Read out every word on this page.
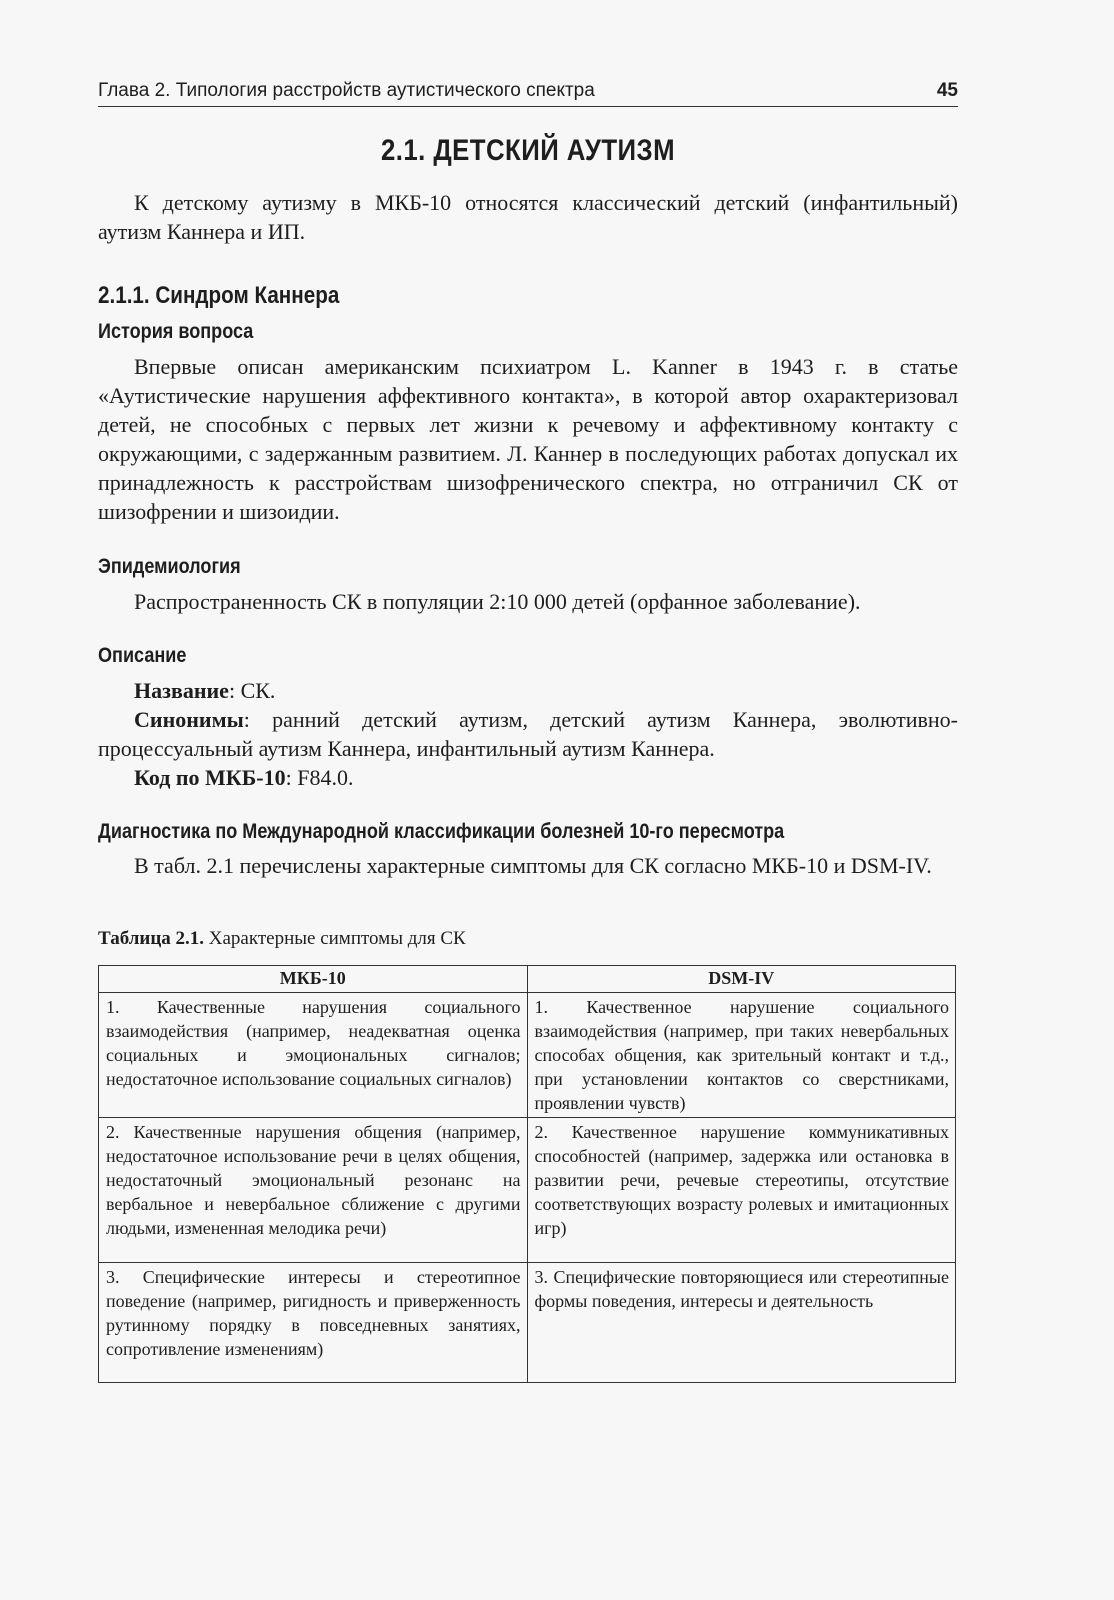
Глава 2. Типология расстройств аутистического спектра	45
2.1. ДЕТСКИЙ АУТИЗМ
К детскому аутизму в МКБ-10 относятся классический детский (инфантильный) аутизм Каннера и ИП.
2.1.1. Синдром Каннера
История вопроса
Впервые описан американским психиатром L. Kanner в 1943 г. в статье «Аутистические нарушения аффективного контакта», в которой автор охарактеризовал детей, не способных с первых лет жизни к речевому и аффективному контакту с окружающими, с задержанным развитием. Л. Каннер в последующих работах допускал их принадлежность к расстройствам шизофренического спектра, но отграничил СК от шизофрении и шизоидии.
Эпидемиология
Распространенность СК в популяции 2:10 000 детей (орфанное заболевание).
Описание
Название: СК.
Синонимы: ранний детский аутизм, детский аутизм Каннера, эволютивно-процессуальный аутизм Каннера, инфантильный аутизм Каннера.
Код по МКБ-10: F84.0.
Диагностика по Международной классификации болезней 10-го пересмотра
В табл. 2.1 перечислены характерные симптомы для СК согласно МКБ-10 и DSM-IV.
Таблица 2.1. Характерные симптомы для СК
МКБ-10	DSM-IV
1. Качественные нарушения социального взаимодействия (например, неадекватная оценка социальных и эмоциональных сигналов; недостаточное использование социальных сигналов)	1. Качественное нарушение социального взаимодействия (например, при таких невербальных способах общения, как зрительный контакт и т.д., при установлении контактов со сверстниками, проявлении чувств)
2. Качественные нарушения общения (например, недостаточное использование речи в целях общения, недостаточный эмоциональный резонанс на вербальное и невербальное сближение с другими людьми, измененная мелодика речи)	2. Качественное нарушение коммуникативных способностей (например, задержка или остановка в развитии речи, речевые стереотипы, отсутствие соответствующих возрасту ролевых и имитационных игр)
3. Специфические интересы и стереотипное поведение (например, ригидность и приверженность рутинному порядку в повседневных занятиях, сопротивление изменениям)	3. Специфические повторяющиеся или стереотипные формы поведения, интересы и деятельность
